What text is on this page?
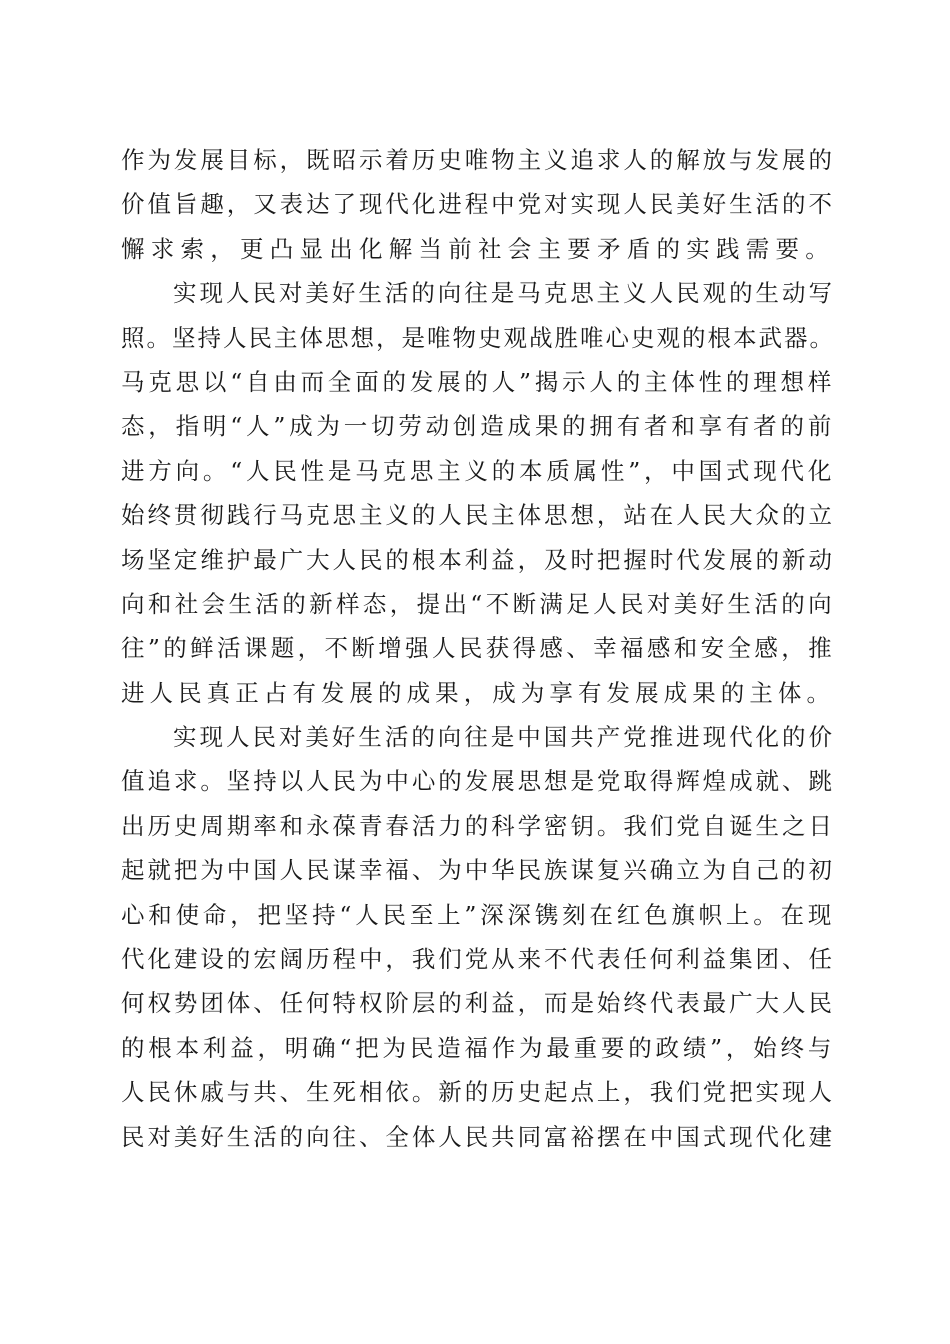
作为发展目标，既昭示着历史唯物主义追求人的解放与发展的
价值旨趣，又表达了现代化进程中党对实现人民美好生活的不
懈求索，更凸显出化解当前社会主要矛盾的实践需要。
实现人民对美好生活的向往是马克思主义人民观的生动写
照。坚持人民主体思想，是唯物史观战胜唯心史观的根本武器。
马克思以“自由而全面的发展的人”揭示人的主体性的理想样
态，指明“人”成为一切劳动创造成果的拥有者和享有者的前
进方向。“人民性是马克思主义的本质属性”，中国式现代化
始终贯彻践行马克思主义的人民主体思想，站在人民大众的立
场坚定维护最广大人民的根本利益，及时把握时代发展的新动
向和社会生活的新样态，提出“不断满足人民对美好生活的向
往”的鲜活课题，不断增强人民获得感、幸福感和安全感，推
进人民真正占有发展的成果，成为享有发展成果的主体。
实现人民对美好生活的向往是中国共产党推进现代化的价
值追求。坚持以人民为中心的发展思想是党取得辉煌成就、跳
出历史周期率和永葆青春活力的科学密钥。我们党自诞生之日
起就把为中国人民谋幸福、为中华民族谋复兴确立为自己的初
心和使命，把坚持“人民至上”深深镌刻在红色旗帜上。在现
代化建设的宏阔历程中，我们党从来不代表任何利益集团、任
何权势团体、任何特权阶层的利益，而是始终代表最广大人民
的根本利益，明确“把为民造福作为最重要的政绩”，始终与
人民休戚与共、生死相依。新的历史起点上，我们党把实现人
民对美好生活的向往、全体人民共同富裕摆在中国式现代化建
